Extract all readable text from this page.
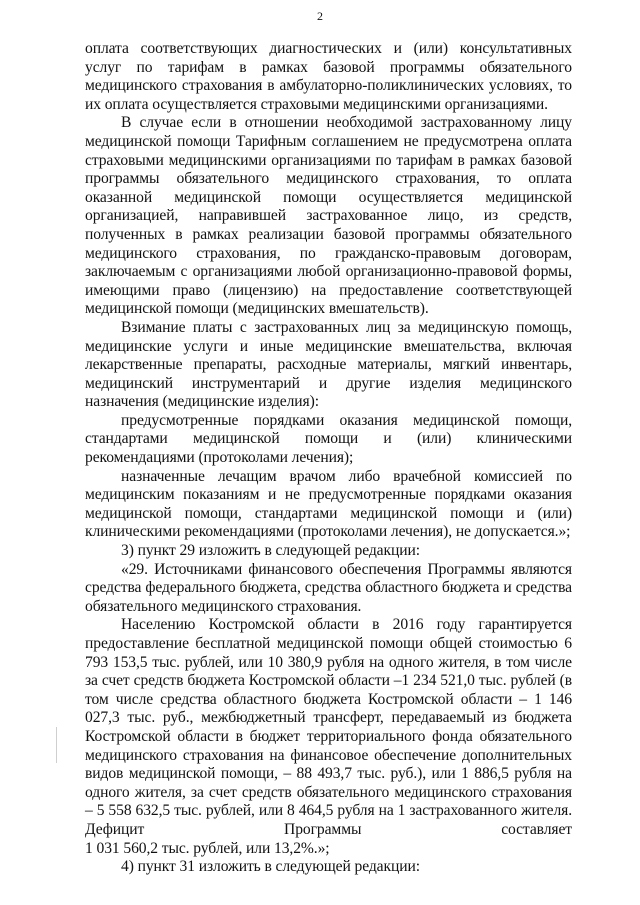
2

оплата соответствующих диагностических и (или) консультативных услуг по тарифам в рамках базовой программы обязательного медицинского страхования в амбулаторно-поликлинических условиях, то их оплата осуществляется страховыми медицинскими организациями.

В случае если в отношении необходимой застрахованному лицу медицинской помощи Тарифным соглашением не предусмотрена оплата страховыми медицинскими организациями по тарифам в рамках базовой программы обязательного медицинского страхования, то оплата оказанной медицинской помощи осуществляется медицинской организацией, направившей застрахованное лицо, из средств, полученных в рамках реализации базовой программы обязательного медицинского страхования, по гражданско-правовым договорам, заключаемым с организациями любой организационно-правовой формы, имеющими право (лицензию) на предоставление соответствующей медицинской помощи (медицинских вмешательств).

Взимание платы с застрахованных лиц за медицинскую помощь, медицинские услуги и иные медицинские вмешательства, включая лекарственные препараты, расходные материалы, мягкий инвентарь, медицинский инструментарий и другие изделия медицинского назначения (медицинские изделия):

предусмотренные порядками оказания медицинской помощи, стандартами медицинской помощи и (или) клиническими рекомендациями (протоколами лечения);

назначенные лечащим врачом либо врачебной комиссией по медицинским показаниям и не предусмотренные порядками оказания медицинской помощи, стандартами медицинской помощи и (или) клиническими рекомендациями (протоколами лечения), не допускается.»;

3) пункт 29 изложить в следующей редакции:

«29. Источниками финансового обеспечения Программы являются средства федерального бюджета, средства областного бюджета и средства обязательного медицинского страхования.

Населению Костромской области в 2016 году гарантируется предоставление бесплатной медицинской помощи общей стоимостью 6 793 153,5 тыс. рублей, или 10 380,9 рубля на одного жителя, в том числе за счет средств бюджета Костромской области –1 234 521,0 тыс. рублей (в том числе средства областного бюджета Костромской области – 1 146 027,3 тыс. руб., межбюджетный трансферт, передаваемый из бюджета Костромской области в бюджет территориального фонда обязательного медицинского страхования на финансовое обеспечение дополнительных видов медицинской помощи, – 88 493,7 тыс. руб.), или 1 886,5 рубля на одного жителя, за счет средств обязательного медицинского страхования – 5 558 632,5 тыс. рублей, или 8 464,5 рубля на 1 застрахованного жителя. Дефицит Программы составляет

1 031 560,2 тыс. рублей, или 13,2%.»;

4) пункт 31 изложить в следующей редакции:
